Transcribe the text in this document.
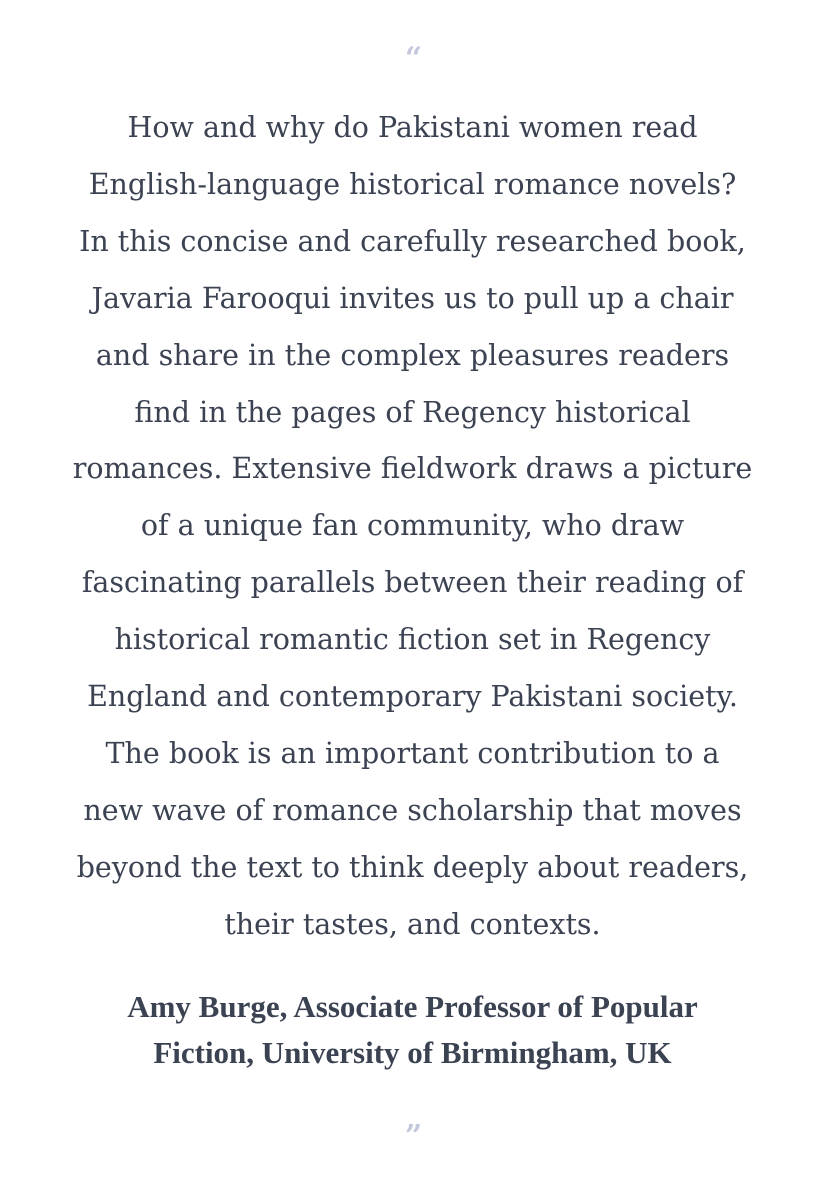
“

How and why do Pakistani women read
English-language historical romance novels?
In this concise and carefully researched book,
Javaria Farooqui invites us to pull up a chair
and share in the complex pleasures readers
find in the pages of Regency historical
romances. Extensive fieldwork draws a picture
of a unique fan community, who draw
fascinating parallels between their reading of
historical romantic fiction set in Regency
England and contemporary Pakistani society.
The book is an important contribution to a
new wave of romance scholarship that moves
beyond the text to think deeply about readers,
their tastes, and contexts.

Amy Burge, Associate Professor of Popular
Fiction, University of Birmingham, UK

”
